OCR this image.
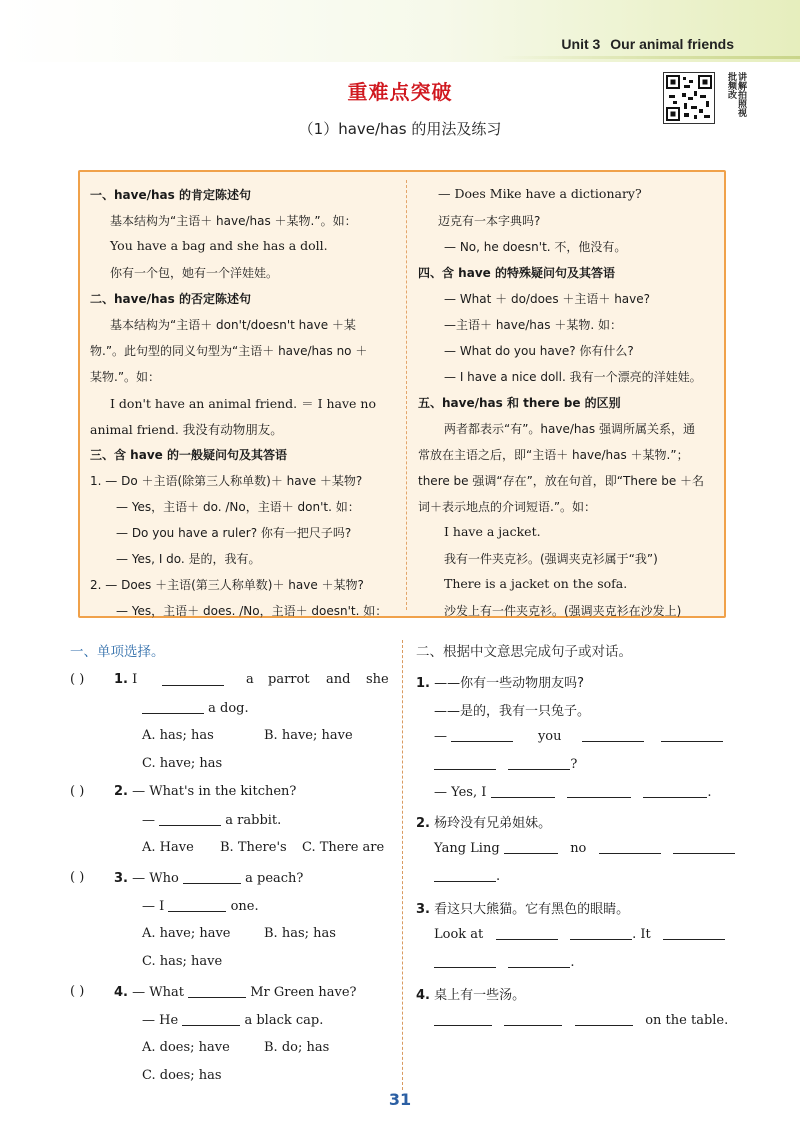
Unit 3 Our animal friends
重难点突破
（1）have/has 的用法及练习
讲解拍照视批频改
一、have/has 的肯定陈述句
基本结构为“主语＋ have/has ＋某物.”。如：
You have a bag and she has a doll.
你有一个包，她有一个洋娃娃。
二、have/has 的否定陈述句
基本结构为“主语＋ don't/doesn't have ＋某
物.”。此句型的同义句型为“主语＋ have/has no ＋
某物.”。如：
I don't have an animal friend. ＝ I have no
animal friend. 我没有动物朋友。
三、含 have 的一般疑问句及其答语
1. — Do ＋主语(除第三人称单数)＋ have ＋某物?
— Yes，主语＋ do. /No，主语＋ don't. 如：
— Do you have a ruler? 你有一把尺子吗?
— Yes, I do. 是的，我有。
2. — Does ＋主语(第三人称单数)＋ have ＋某物?
— Yes，主语＋ does. /No，主语＋ doesn't. 如：
— Does Mike have a dictionary?
迈克有一本字典吗?
— No, he doesn't. 不，他没有。
四、含 have 的特殊疑问句及其答语
— What ＋ do/does ＋主语＋ have?
—主语＋ have/has ＋某物. 如：
— What do you have? 你有什么?
— I have a nice doll. 我有一个漂亮的洋娃娃。
五、have/has 和 there be 的区别
两者都表示“有”。have/has 强调所属关系，通
常放在主语之后，即“主语＋ have/has ＋某物.”；
there be 强调“存在”，放在句首，即“There be ＋名
词＋表示地点的介词短语.”。如：
I have a jacket.
我有一件夹克衫。(强调夹克衫属于“我”)
There is a jacket on the sofa.
沙发上有一件夹克衫。(强调夹克衫在沙发上)
一、单项选择。
( ) 1. I	a parrot and she
a dog.
A. has; has	B. have; have
C. have; has
( ) 2. — What's in the kitchen?
—	a rabbit.
A. Have B. There's C. There are
( ) 3. — Who	a peach?
— I	one.
A. have; have	B. has; has
C. has; have
( ) 4. — What	Mr Green have?
— He	a black cap.
A. does; have	B. do; has
C. does; has
二、根据中文意思完成句子或对话。
1. ——你有一些动物朋友吗?
——是的，我有一只兔子。
—	you
?
— Yes, I	.
2. 杨玲没有兄弟姐妹。
Yang Ling	no
.
3. 看这只大熊猫。它有黑色的眼睛。
Look at	. It
.
4. 桌上有一些汤。
on the table.
31
